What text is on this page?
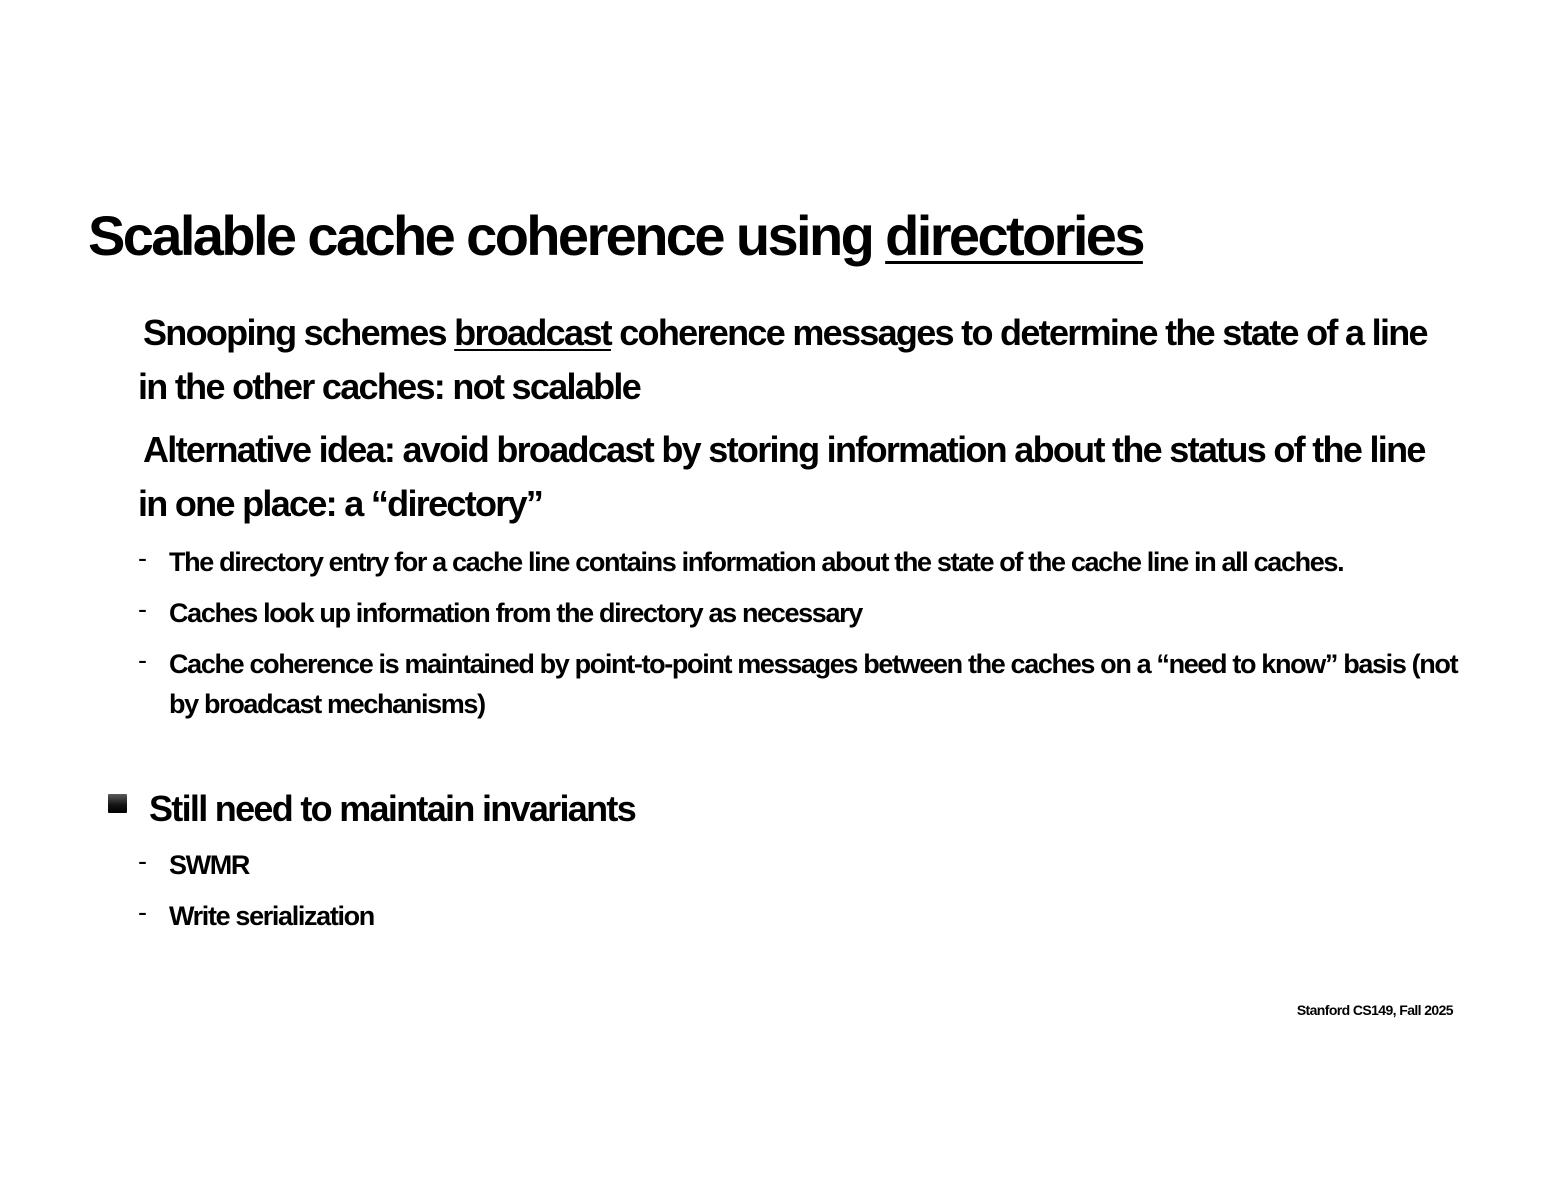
Scalable cache coherence using directories

Snooping schemes broadcast coherence messages to determine the state of a line in the other caches: not scalable

Alternative idea: avoid broadcast by storing information about the status of the line in one place: a “directory”

- The directory entry for a cache line contains information about the state of the cache line in all caches.

- Caches look up information from the directory as necessary

- Cache coherence is maintained by point-to-point messages between the caches on a “need to know” basis (not by broadcast mechanisms)

Still need to maintain invariants

- SWMR

- Write serialization

Stanford CS149, Fall 2025
